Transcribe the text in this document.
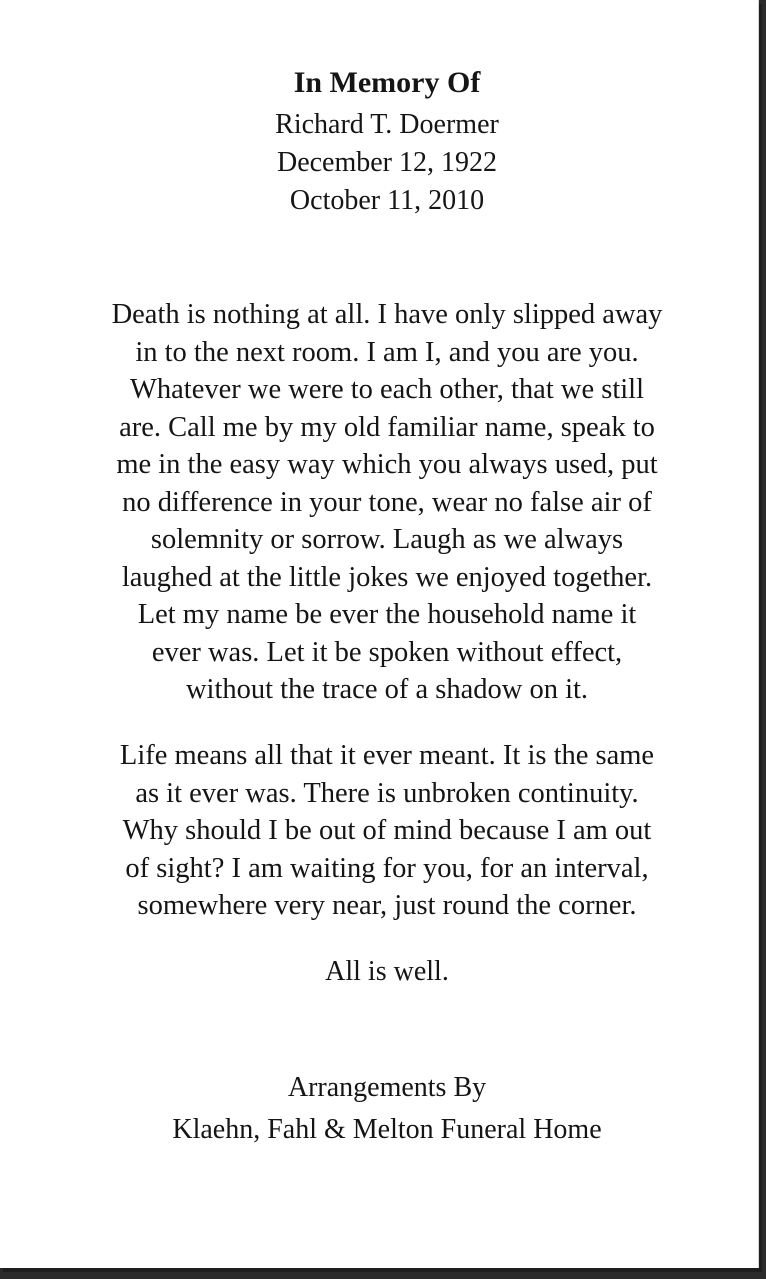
In Memory Of
Richard T. Doermer
December 12, 1922
October 11, 2010
Death is nothing at all. I have only slipped away
in to the next room. I am I, and you are you.
Whatever we were to each other, that we still
are. Call me by my old familiar name, speak to
me in the easy way which you always used, put
no difference in your tone, wear no false air of
solemnity or sorrow. Laugh as we always
laughed at the little jokes we enjoyed together.
Let my name be ever the household name it
ever was. Let it be spoken without effect,
without the trace of a shadow on it.
Life means all that it ever meant. It is the same
as it ever was. There is unbroken continuity.
Why should I be out of mind because I am out
of sight? I am waiting for you, for an interval,
somewhere very near, just round the corner.
All is well.
Arrangements By
Klaehn, Fahl & Melton Funeral Home
